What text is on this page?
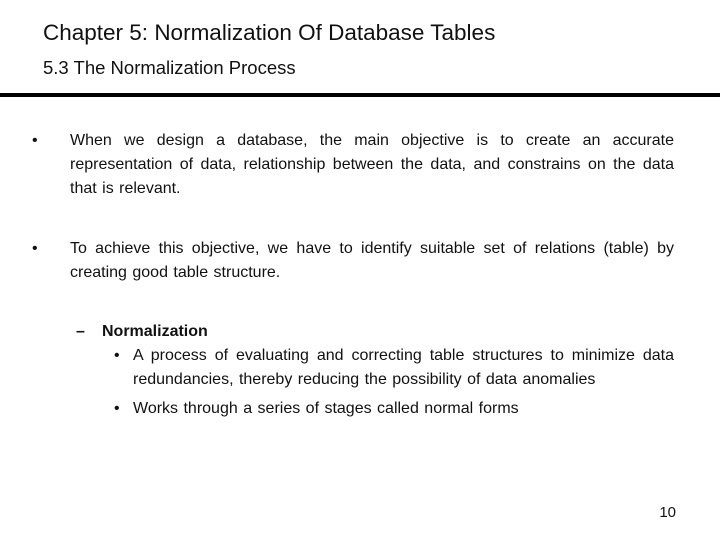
Chapter 5: Normalization Of Database Tables
5.3 The Normalization Process
•	When we design a database, the main objective is to create an accurate representation of data, relationship between the data, and constrains on the data that is relevant.
•	To achieve this objective, we have to identify suitable set of relations (table) by creating good table structure.
– Normalization
• A process of evaluating and correcting table structures to minimize data redundancies, thereby reducing the possibility of data anomalies
• Works through a series of stages called normal forms
10
